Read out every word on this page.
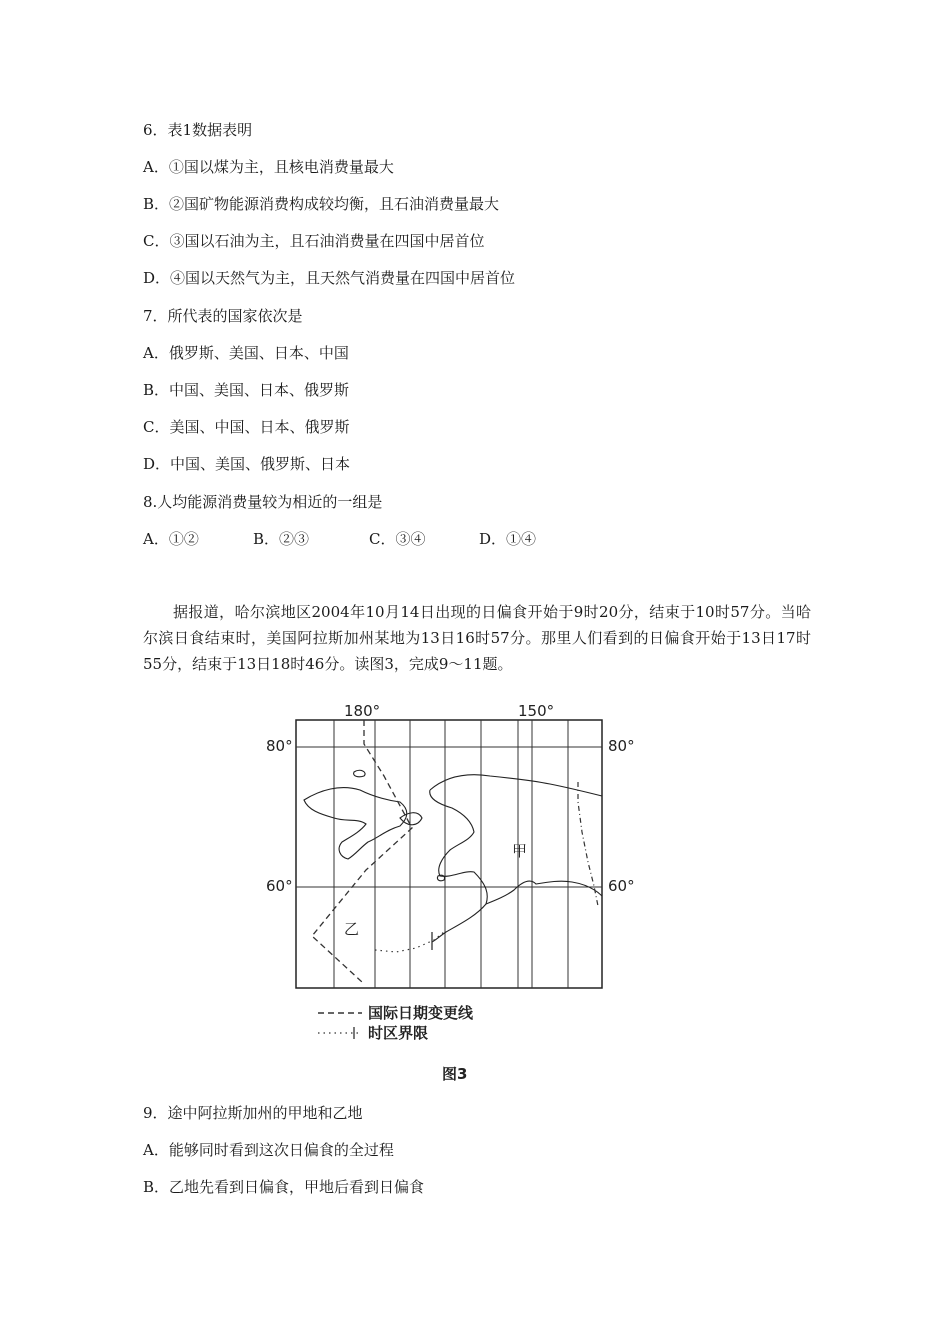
6．表1数据表明

A．①国以煤为主，且核电消费量最大

B．②国矿物能源消费构成较均衡，且石油消费量最大

C．③国以石油为主，且石油消费量在四国中居首位

D．④国以天然气为主，且天然气消费量在四国中居首位

7．所代表的国家依次是

A．俄罗斯、美国、日本、中国

B．中国、美国、日本、俄罗斯

C．美国、中国、日本、俄罗斯

D．中国、美国、俄罗斯、日本

8.人均能源消费量较为相近的一组是

A．①②	B．②③	C．③④	D．①④

据报道，哈尔滨地区2004年10月14日出现的日偏食开始于9时20分，结束于10时57分。当哈尔滨日食结束时，美国阿拉斯加州某地为13日16时57分。那里人们看到的日偏食开始于13日17时55分，结束于13日18时46分。读图3，完成9～11题。

180°	150°
80°	80°
60°	60°
甲
乙
国际日期变更线
时区界限
图3

9．途中阿拉斯加州的甲地和乙地

A．能够同时看到这次日偏食的全过程

B．乙地先看到日偏食，甲地后看到日偏食
